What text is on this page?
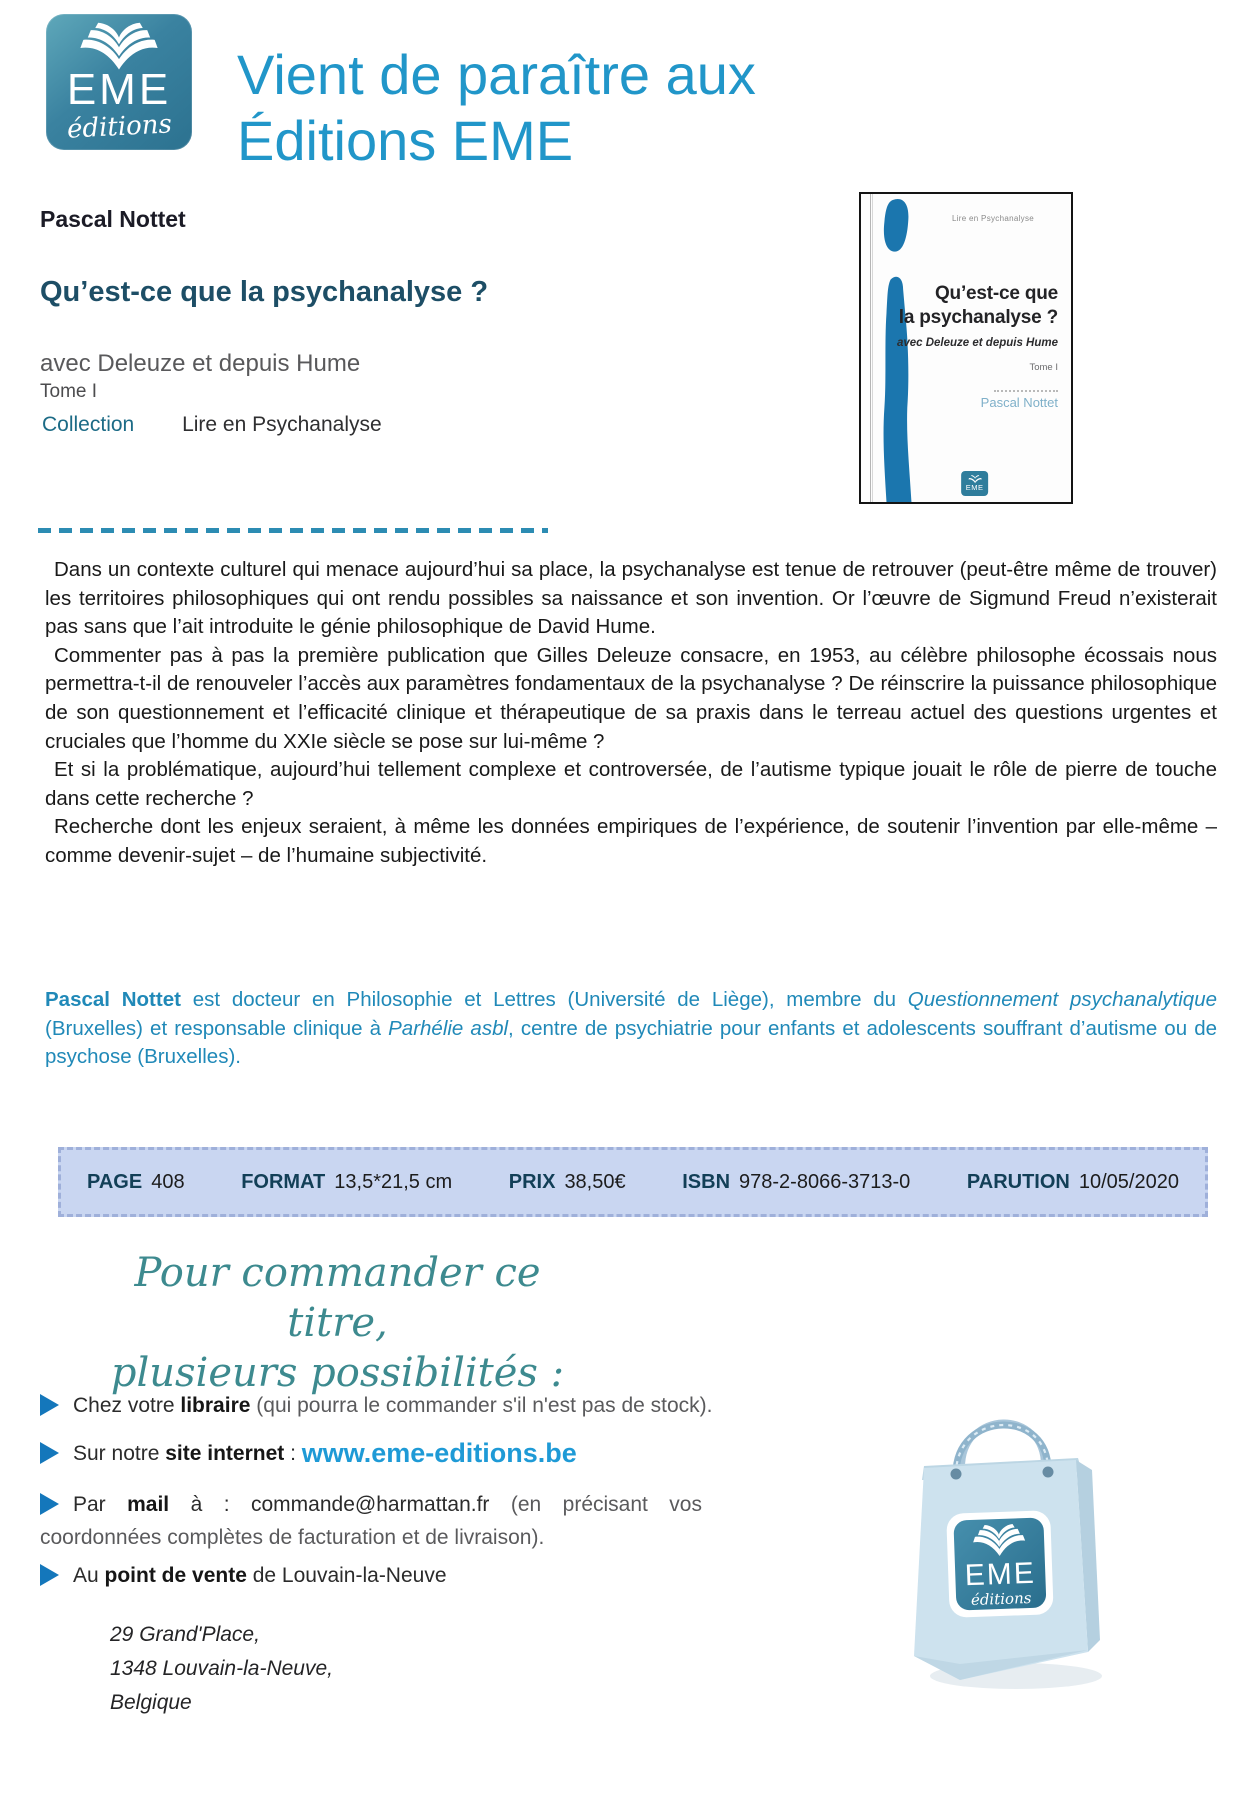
EME
éditions
Vient de paraître aux
Éditions EME
Pascal Nottet
Qu’est-ce que la psychanalyse ?
avec Deleuze et depuis Hume
Tome I
Collection Lire en Psychanalyse
Lire en Psychanalyse
Qu’est-ce que
la psychanalyse ?
avec Deleuze et depuis Hume
Tome I
Pascal Nottet
EME

Dans un contexte culturel qui menace aujourd’hui sa place, la psychanalyse est tenue de retrouver (peut-être même de trouver) les territoires philosophiques qui ont rendu possibles sa naissance et son invention. Or l’œuvre de Sigmund Freud n’existerait pas sans que l’ait introduite le génie philosophique de David Hume.

Commenter pas à pas la première publication que Gilles Deleuze consacre, en 1953, au célèbre philosophe écossais nous permettra-t-il de renouveler l’accès aux paramètres fondamentaux de la psychanalyse ? De réinscrire la puissance philosophique de son questionnement et l’efficacité clinique et thérapeutique de sa praxis dans le terreau actuel des questions urgentes et cruciales que l’homme du XXIe siècle se pose sur lui-même ?

Et si la problématique, aujourd’hui tellement complexe et controversée, de l’autisme typique jouait le rôle de pierre de touche dans cette recherche ?

Recherche dont les enjeux seraient, à même les données empiriques de l’expérience, de soutenir l’invention par elle-même – comme devenir-sujet – de l’humaine subjectivité.

Pascal Nottet est docteur en Philosophie et Lettres (Université de Liège), membre du Questionnement psychanalytique (Bruxelles) et responsable clinique à Parhélie asbl, centre de psychiatrie pour enfants et adolescents souffrant d’autisme ou de psychose (Bruxelles).

PAGE 408	FORMAT 13,5*21,5 cm	PRIX 38,50€	ISBN 978-2-8066-3713-0	PARUTION 10/05/2020
Pour commander ce titre,
plusieurs possibilités :
Chez votre libraire (qui pourra le commander s'il n'est pas de stock).
Sur notre site internet : www.eme-editions.be
Par mail à : commande@harmattan.fr (en précisant vos coordonnées complètes de facturation et de livraison).
Au point de vente de Louvain-la-Neuve
29 Grand'Place,
1348 Louvain-la-Neuve,
Belgique
EME
éditions
